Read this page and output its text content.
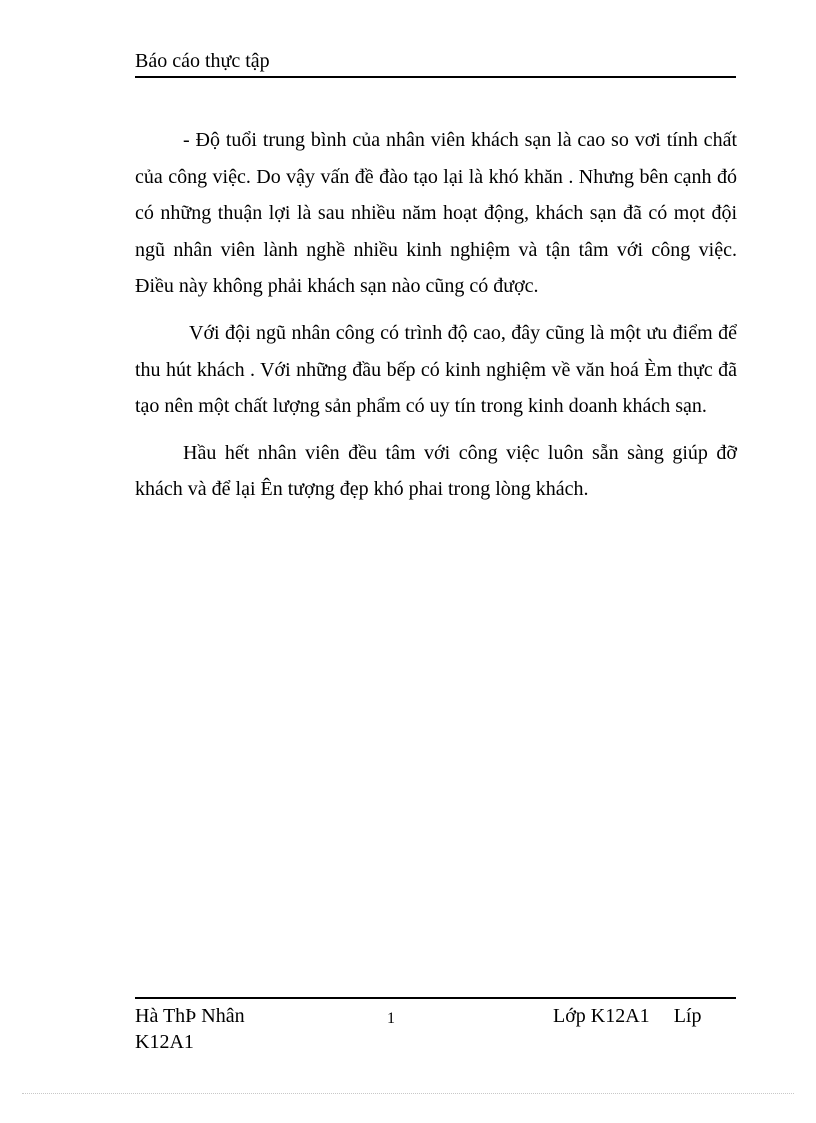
Báo cáo thực tập

- Độ tuổi trung bình của nhân viên khách sạn là cao so vơi tính chất của công việc. Do vậy vấn đề đào tạo lại là khó khăn . Nhưng bên cạnh đó có những thuận lợi là sau nhiều năm hoạt động, khách sạn đã có mọt đội ngũ nhân viên lành nghề nhiều kinh nghiệm và tận tâm với công việc. Điều này không phải khách sạn nào cũng có được.

Với đội ngũ nhân công có trình độ cao, đây cũng là một ưu điểm để thu hút khách . Với những đầu bếp có kinh nghiệm về văn hoá Èm thực đã tạo nên một chất lượng sản phẩm có uy tín trong kinh doanh khách sạn.

Hầu hết nhân viên đều tâm với công việc luôn sẵn sàng giúp đỡ khách và để lại Ên tượng đẹp khó phai trong lòng khách.

Hà ThÞ Nhân	1	Lớp K12A1 Líp
K12A1
